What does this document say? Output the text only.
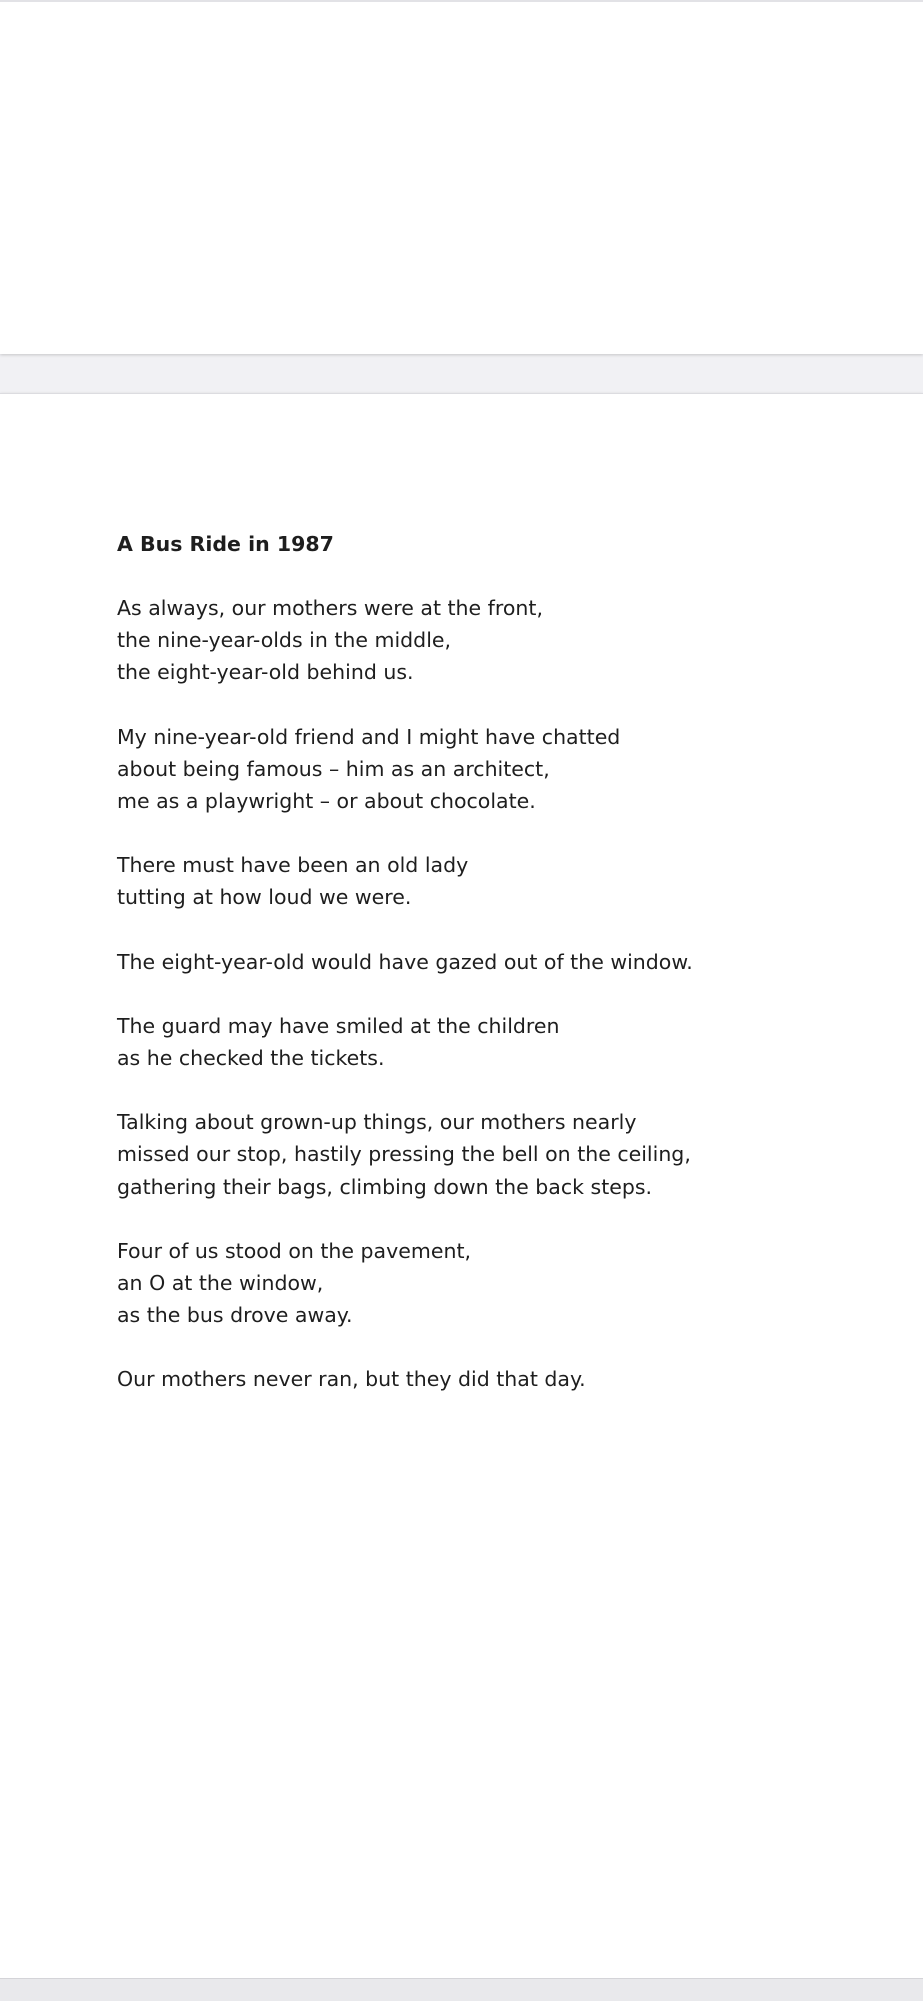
A Bus Ride in 1987
As always, our mothers were at the front,
the nine-year-olds in the middle,
the eight-year-old behind us.
My nine-year-old friend and I might have chatted
about being famous – him as an architect,
me as a playwright – or about chocolate.
There must have been an old lady
tutting at how loud we were.
The eight-year-old would have gazed out of the window.
The guard may have smiled at the children
as he checked the tickets.
Talking about grown-up things, our mothers nearly
missed our stop, hastily pressing the bell on the ceiling,
gathering their bags, climbing down the back steps.
Four of us stood on the pavement,
an O at the window,
as the bus drove away.
Our mothers never ran, but they did that day.
